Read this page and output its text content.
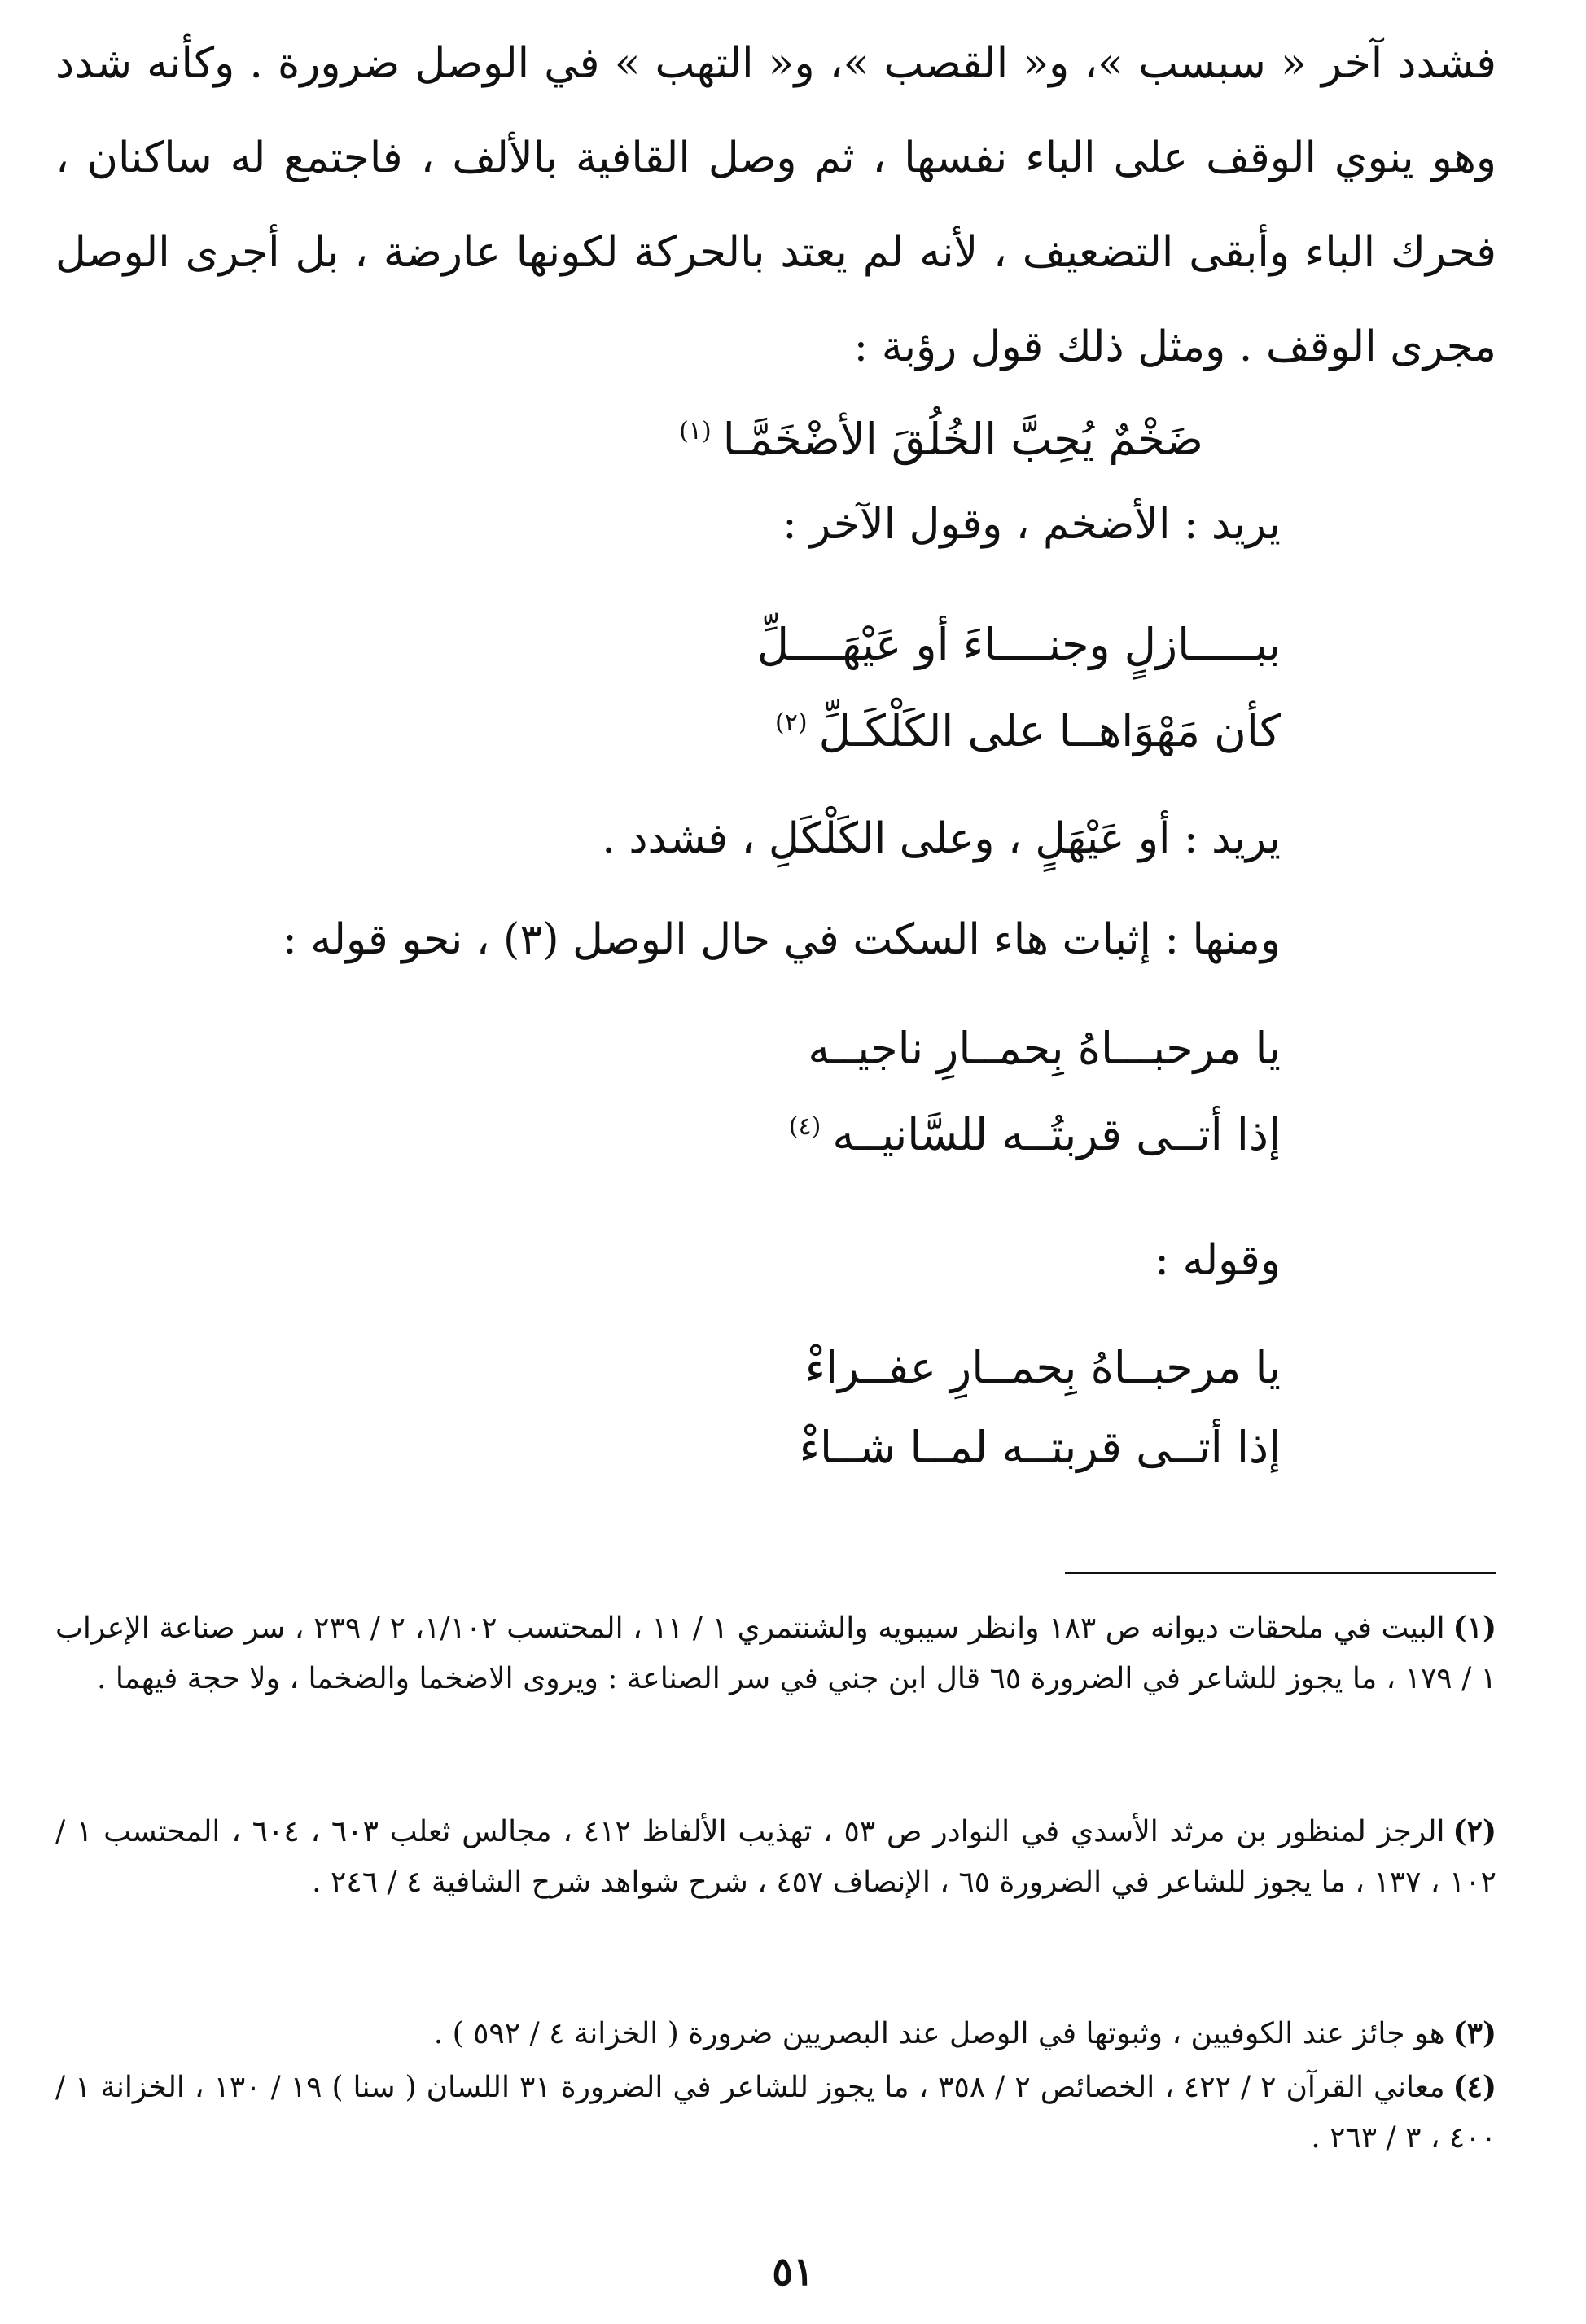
فشدد آخر « سبسب »، و« القصب »، و« التهب » في الوصل ضرورة . وكأنه شدد وهو ينوي الوقف على الباء نفسها ، ثم وصل القافية بالألف ، فاجتمع له ساكنان ، فحرك الباء وأبقى التضعيف ، لأنه لم يعتد بالحركة لكونها عارضة ، بل أجرى الوصل مجرى الوقف . ومثل ذلك قول رؤبة :

ضَخْمٌ يُحِبَّ الخُلُقَ الأضْخَمَّـا$^{(١)}$
يريد : الأضخم ، وقول الآخر :
ببـــــازلٍ وجنــــاءَ أو عَيْهَــــلِّ
كأن مَهْوَاهــا على الكَلْكَـلِّ$^{(٢)}$
يريد : أو عَيْهَلٍ ، وعلى الكَلْكَلِ ، فشدد .
ومنها : إثبات هاء السكت في حال الوصل (٣) ، نحو قوله :
يا مرحبـــاهُ بِحمــارِ ناجيــه
إذا أتــى قربتُــه للسَّانيــه$^{(٤)}$
وقوله :
يا مرحبــاهُ بِحمــارِ عفــراءْ
إذا أتــى قربتــه لمــا شــاءْ

(١)البيت في ملحقات ديوانه ص ١٨٣ وانظر سيبويه والشنتمري ١ / ١١ ، المحتسب ١/١٠٢، ٢ / ٢٣٩ ، سر صناعة الإعراب ١ / ١٧٩ ، ما يجوز للشاعر في الضرورة ٦٥ قال ابن جني في سر الصناعة : ويروى الاضخما والضخما ، ولا حجة فيهما .

(٢)الرجز لمنظور بن مرثد الأسدي في النوادر ص ٥٣ ، تهذيب الألفاظ ٤١٢ ، مجالس ثعلب ٦٠٣ ، ٦٠٤ ، المحتسب ١ / ١٠٢ ، ١٣٧ ، ما يجوز للشاعر في الضرورة ٦٥ ، الإنصاف ٤٥٧ ، شرح شواهد شرح الشافية ٤ / ٢٤٦ .

(٣)هو جائز عند الكوفيين ، وثبوتها في الوصل عند البصريين ضرورة ( الخزانة ٤ / ٥٩٢ ) .

(٤)معاني القرآن ٢ / ٤٢٢ ، الخصائص ٢ / ٣٥٨ ، ما يجوز للشاعر في الضرورة ٣١ اللسان ( سنا ) ١٩ / ١٣٠ ، الخزانة ١ / ٤٠٠ ، ٣ / ٢٦٣ .

٥١
